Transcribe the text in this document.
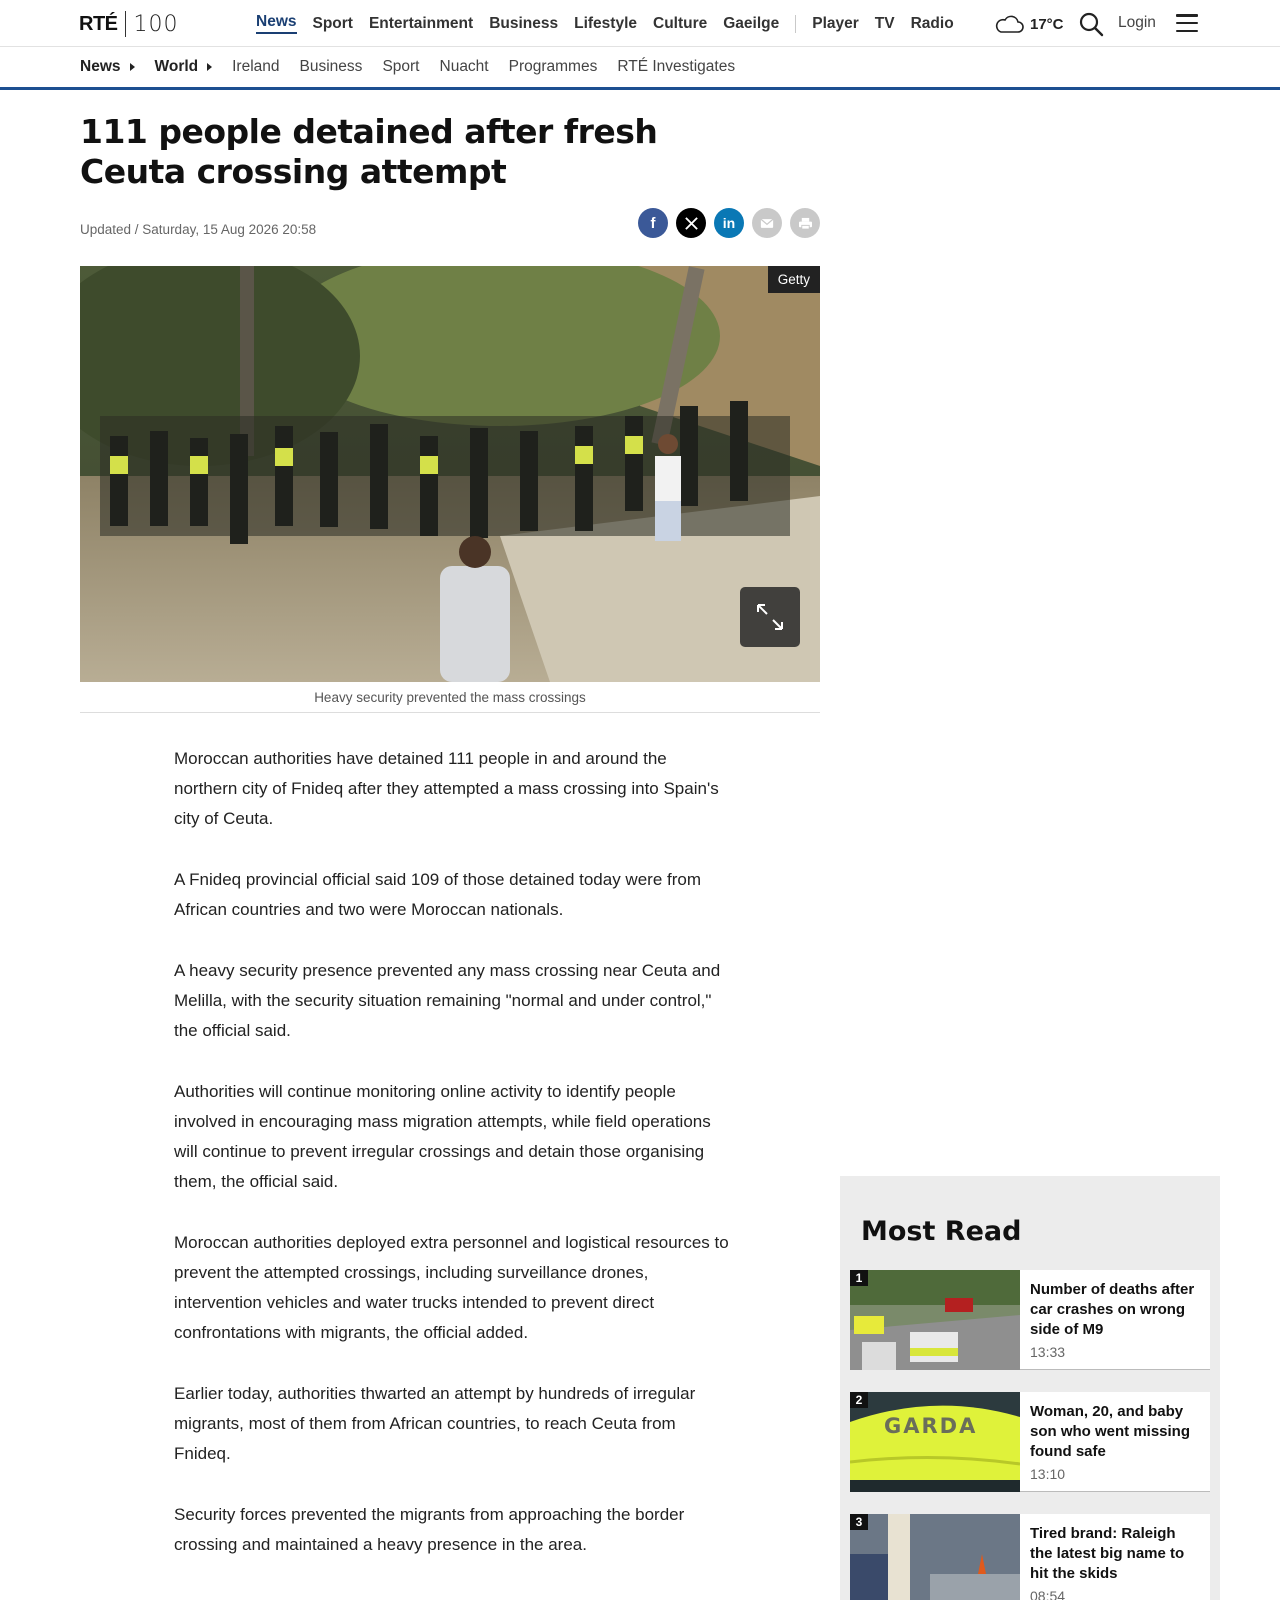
RTÉ 100	News Sport Entertainment Business Lifestyle Culture Gaeilge Player TV Radio	17°C	Login
News World Ireland Business Sport Nuacht Programmes RTÉ Investigates
111 people detained after fresh Ceuta crossing attempt
Updated / Saturday, 15 Aug 2026 20:58	f	in
Getty
Heavy security prevented the mass crossings

Moroccan authorities have detained 111 people in and around the northern city of Fnideq after they attempted a mass crossing into Spain's city of Ceuta.

A Fnideq provincial official said 109 of those detained today were from African countries and two were Moroccan nationals.

A heavy security presence prevented any mass crossing near Ceuta and Melilla, with the security situation remaining "normal and under control," the official said.

Authorities will continue monitoring online activity to identify people involved in encouraging mass migration attempts, while field operations will continue to prevent irregular crossings and detain those organising them, the official said.

Moroccan authorities deployed extra personnel and logistical resources to prevent the attempted crossings, including surveillance drones, intervention vehicles and water trucks intended to prevent direct confrontations with migrants, the official added.

Earlier today, authorities thwarted an attempt by hundreds of irregular migrants, most of them from African countries, to reach Ceuta from Fnideq.

Security forces prevented the migrants from approaching the border crossing and maintained a heavy presence in the area.

Most Read
1
Number of deaths after car crashes on wrong side of M9
13:33
GARDA
2
Woman, 20, and baby son who went missing found safe
13:10
3
Tired brand: Raleigh the latest big name to hit the skids
08:54
